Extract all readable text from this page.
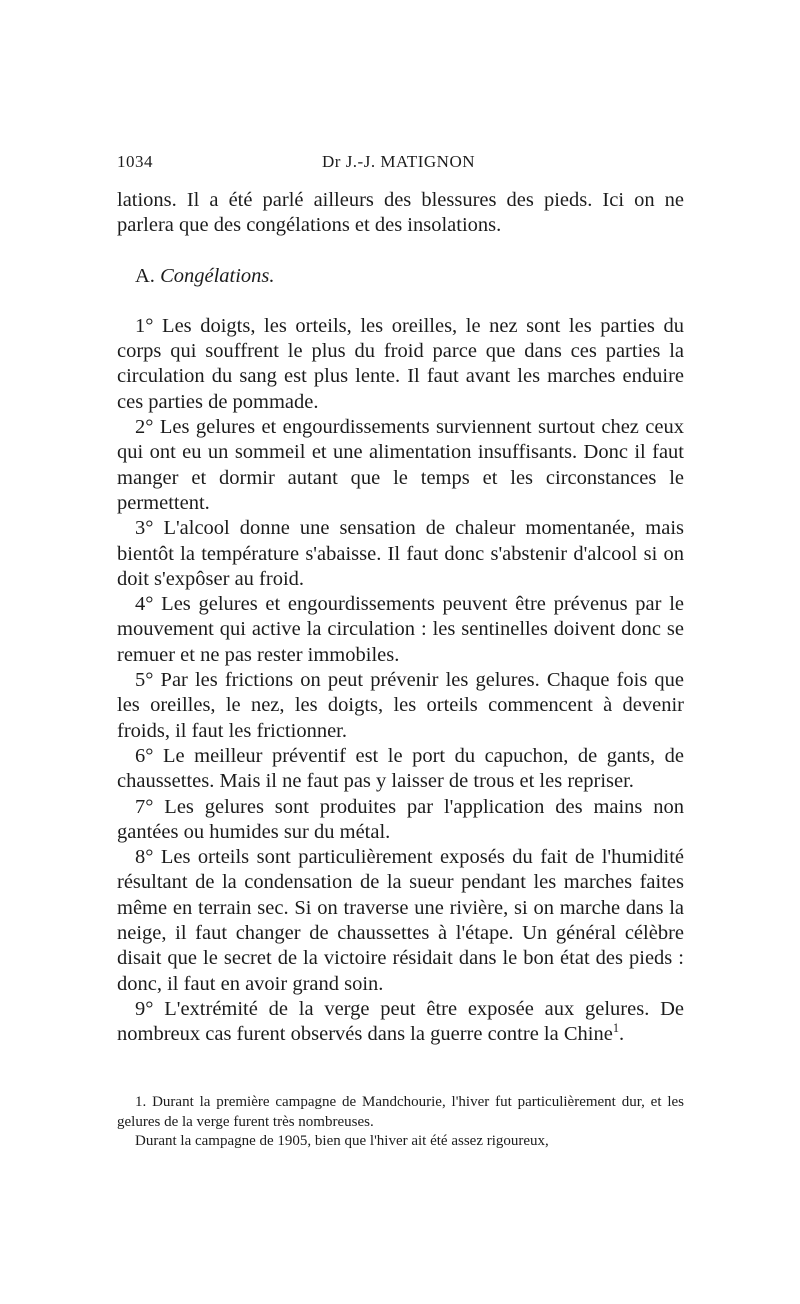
1034	Dr J.-J. MATIGNON

lations. Il a été parlé ailleurs des blessures des pieds. Ici on ne parlera que des congélations et des insolations.

A. Congélations.

1° Les doigts, les orteils, les oreilles, le nez sont les parties du corps qui souffrent le plus du froid parce que dans ces parties la circulation du sang est plus lente. Il faut avant les marches enduire ces parties de pommade.

2° Les gelures et engourdissements surviennent surtout chez ceux qui ont eu un sommeil et une alimentation insuffisants. Donc il faut manger et dormir autant que le temps et les circonstances le permettent.

3° L'alcool donne une sensation de chaleur momentanée, mais bientôt la température s'abaisse. Il faut donc s'abstenir d'alcool si on doit s'expôser au froid.

4° Les gelures et engourdissements peuvent être prévenus par le mouvement qui active la circulation : les sentinelles doivent donc se remuer et ne pas rester immobiles.

5° Par les frictions on peut prévenir les gelures. Chaque fois que les oreilles, le nez, les doigts, les orteils commencent à devenir froids, il faut les frictionner.

6° Le meilleur préventif est le port du capuchon, de gants, de chaussettes. Mais il ne faut pas y laisser de trous et les repriser.

7° Les gelures sont produites par l'application des mains non gantées ou humides sur du métal.

8° Les orteils sont particulièrement exposés du fait de l'humidité résultant de la condensation de la sueur pendant les marches faites même en terrain sec. Si on traverse une rivière, si on marche dans la neige, il faut changer de chaussettes à l'étape. Un général célèbre disait que le secret de la victoire résidait dans le bon état des pieds : donc, il faut en avoir grand soin.

9° L'extrémité de la verge peut être exposée aux gelures. De nombreux cas furent observés dans la guerre contre la Chine$^1$.

1. Durant la première campagne de Mandchourie, l'hiver fut particulièrement dur, et les gelures de la verge furent très nombreuses.

Durant la campagne de 1905, bien que l'hiver ait été assez rigoureux,
